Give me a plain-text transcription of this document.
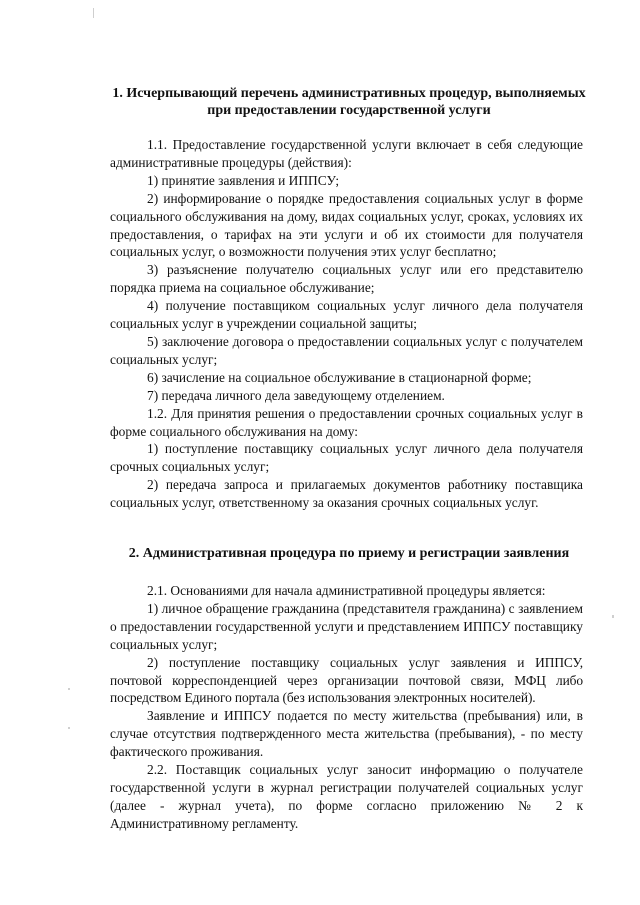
1. Исчерпывающий перечень административных процедур, выполняемых при предоставлении государственной услуги

1.1. Предоставление государственной услуги включает в себя следующие административные процедуры (действия):

1) принятие заявления и ИППСУ;

2) информирование о порядке предоставления социальных услуг в форме социального обслуживания на дому, видах социальных услуг, сроках, условиях их предоставления, о тарифах на эти услуги и об их стоимости для получателя социальных услуг, о возможности получения этих услуг бесплатно;

3) разъяснение получателю социальных услуг или его представителю порядка приема на социальное обслуживание;

4) получение поставщиком социальных услуг личного дела получателя социальных услуг в учреждении социальной защиты;

5) заключение договора о предоставлении социальных услуг с получателем социальных услуг;

6) зачисление на социальное обслуживание в стационарной форме;

7) передача личного дела заведующему отделением.

1.2. Для принятия решения о предоставлении срочных социальных услуг в форме социального обслуживания на дому:

1) поступление поставщику социальных услуг личного дела получателя срочных социальных услуг;

2) передача запроса и прилагаемых документов работнику поставщика социальных услуг, ответственному за оказания срочных социальных услуг.

2. Административная процедура по приему и регистрации заявления

2.1. Основаниями для начала административной процедуры является:

1) личное обращение гражданина (представителя гражданина) с заявлением о предоставлении государственной услуги и представлением ИППСУ поставщику социальных услуг;

2) поступление поставщику социальных услуг заявления и ИППСУ, почтовой корреспонденцией через организации почтовой связи, МФЦ либо посредством Единого портала (без использования электронных носителей).

Заявление и ИППСУ подается по месту жительства (пребывания) или, в случае отсутствия подтвержденного места жительства (пребывания), - по месту фактического проживания.

2.2. Поставщик социальных услуг заносит информацию о получателе государственной услуги в журнал регистрации получателей социальных услуг (далее - журнал учета), по форме согласно приложению № 2 к Административному регламенту.
